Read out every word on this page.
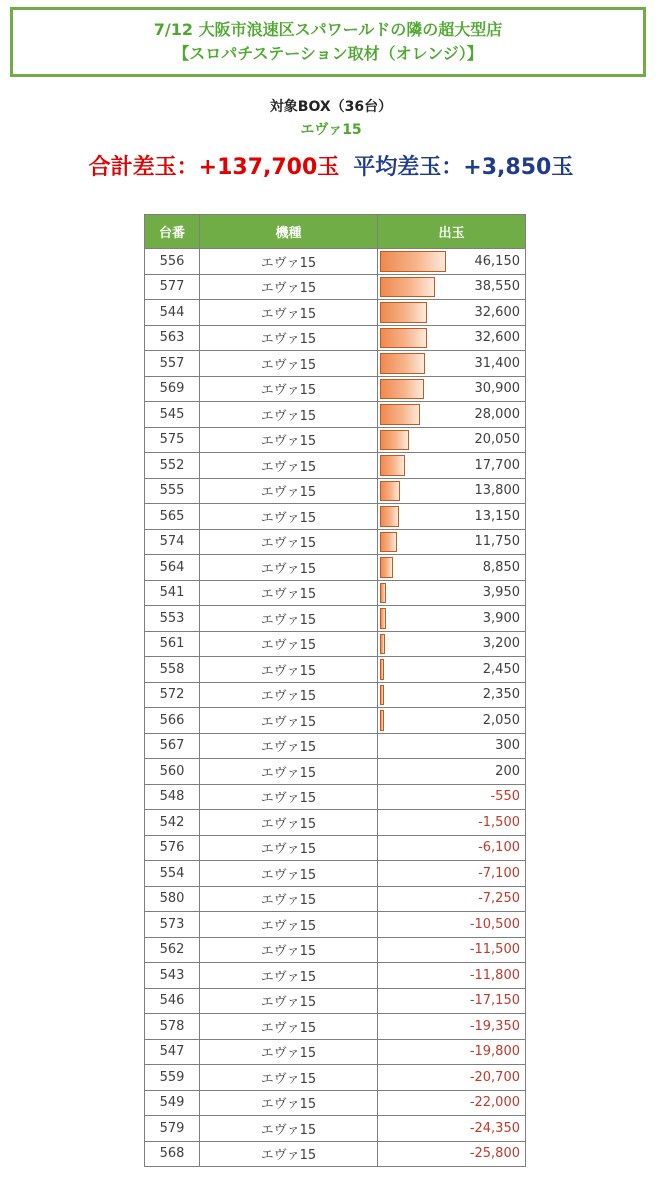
7/12 大阪市浪速区スパワールドの隣の超大型店
【スロパチステーション取材（オレンジ）】
対象BOX（36台）
エヴァ15
合計差玉：+137,700玉 平均差玉：+3,850玉
台番	機種	出玉
556	エヴァ15	46,150
577	エヴァ15	38,550
544	エヴァ15	32,600
563	エヴァ15	32,600
557	エヴァ15	31,400
569	エヴァ15	30,900
545	エヴァ15	28,000
575	エヴァ15	20,050
552	エヴァ15	17,700
555	エヴァ15	13,800
565	エヴァ15	13,150
574	エヴァ15	11,750
564	エヴァ15	8,850
541	エヴァ15	3,950
553	エヴァ15	3,900
561	エヴァ15	3,200
558	エヴァ15	2,450
572	エヴァ15	2,350
566	エヴァ15	2,050
567	エヴァ15	300
560	エヴァ15	200
548	エヴァ15	-550
542	エヴァ15	-1,500
576	エヴァ15	-6,100
554	エヴァ15	-7,100
580	エヴァ15	-7,250
573	エヴァ15	-10,500
562	エヴァ15	-11,500
543	エヴァ15	-11,800
546	エヴァ15	-17,150
578	エヴァ15	-19,350
547	エヴァ15	-19,800
559	エヴァ15	-20,700
549	エヴァ15	-22,000
579	エヴァ15	-24,350
568	エヴァ15	-25,800
